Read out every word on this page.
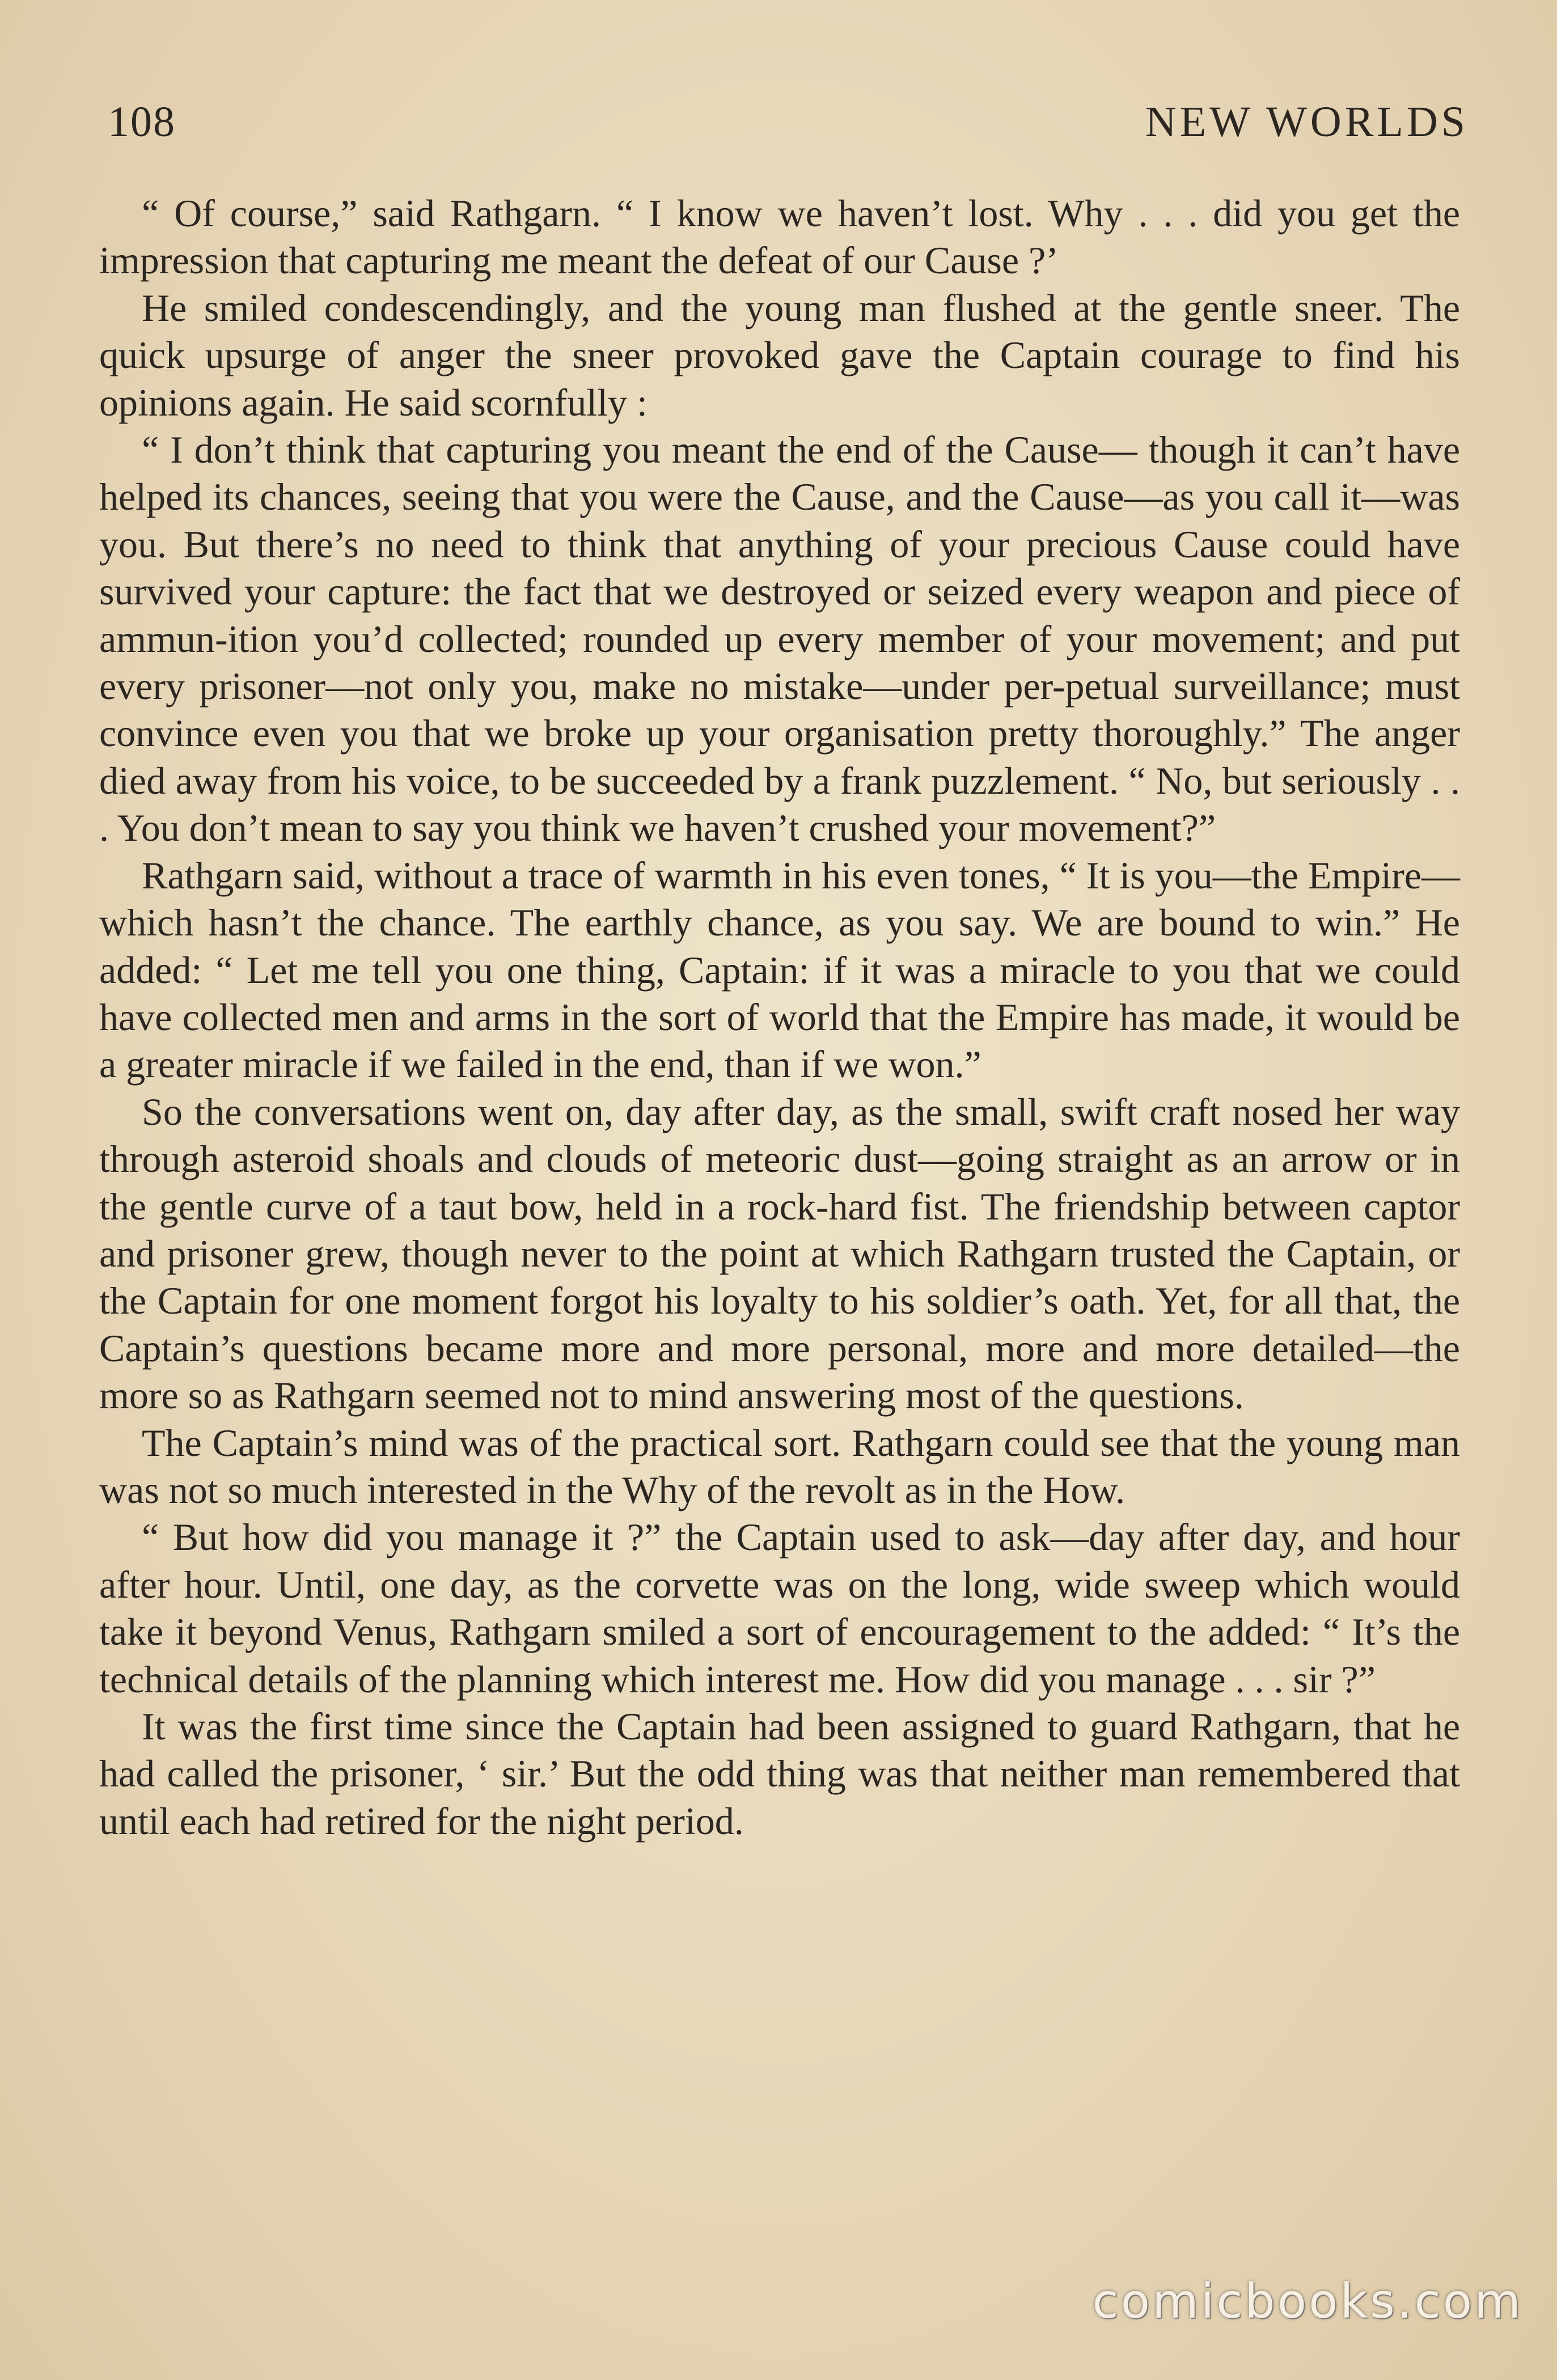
108	NEW WORLDS

“ Of course,” said Rathgarn. “ I know we haven’t lost. Why . . . did you get the impression that capturing me meant the defeat of our Cause ?’

He smiled condescendingly, and the young man flushed at the gentle sneer. The quick upsurge of anger the sneer provoked gave the Captain courage to find his opinions again. He said scornfully :

“ I don’t think that capturing you meant the end of the Cause— though it can’t have helped its chances, seeing that you were the Cause, and the Cause—as you call it—was you. But there’s no need to think that anything of your precious Cause could have survived your capture: the fact that we destroyed or seized every weapon and piece of ammun-ition you’d collected; rounded up every member of your movement; and put every prisoner—not only you, make no mistake—under per-petual surveillance; must convince even you that we broke up your organisation pretty thoroughly.” The anger died away from his voice, to be succeeded by a frank puzzlement. “ No, but seriously . . . You don’t mean to say you think we haven’t crushed your movement?”

Rathgarn said, without a trace of warmth in his even tones, “ It is you—the Empire—which hasn’t the chance. The earthly chance, as you say. We are bound to win.” He added: “ Let me tell you one thing, Captain: if it was a miracle to you that we could have collected men and arms in the sort of world that the Empire has made, it would be a greater miracle if we failed in the end, than if we won.”

So the conversations went on, day after day, as the small, swift craft nosed her way through asteroid shoals and clouds of meteoric dust—going straight as an arrow or in the gentle curve of a taut bow, held in a rock-hard fist. The friendship between captor and prisoner grew, though never to the point at which Rathgarn trusted the Captain, or the Captain for one moment forgot his loyalty to his soldier’s oath. Yet, for all that, the Captain’s questions became more and more personal, more and more detailed—the more so as Rathgarn seemed not to mind answering most of the questions.

The Captain’s mind was of the practical sort. Rathgarn could see that the young man was not so much interested in the Why of the revolt as in the How.

“ But how did you manage it ?” the Captain used to ask—day after day, and hour after hour. Until, one day, as the corvette was on the long, wide sweep which would take it beyond Venus, Rathgarn smiled a sort of encouragement to the added: “ It’s the technical details of the planning which interest me. How did you manage . . . sir ?”

It was the first time since the Captain had been assigned to guard Rathgarn, that he had called the prisoner, ‘ sir.’ But the odd thing was that neither man remembered that until each had retired for the night period.

comicbooks.com
